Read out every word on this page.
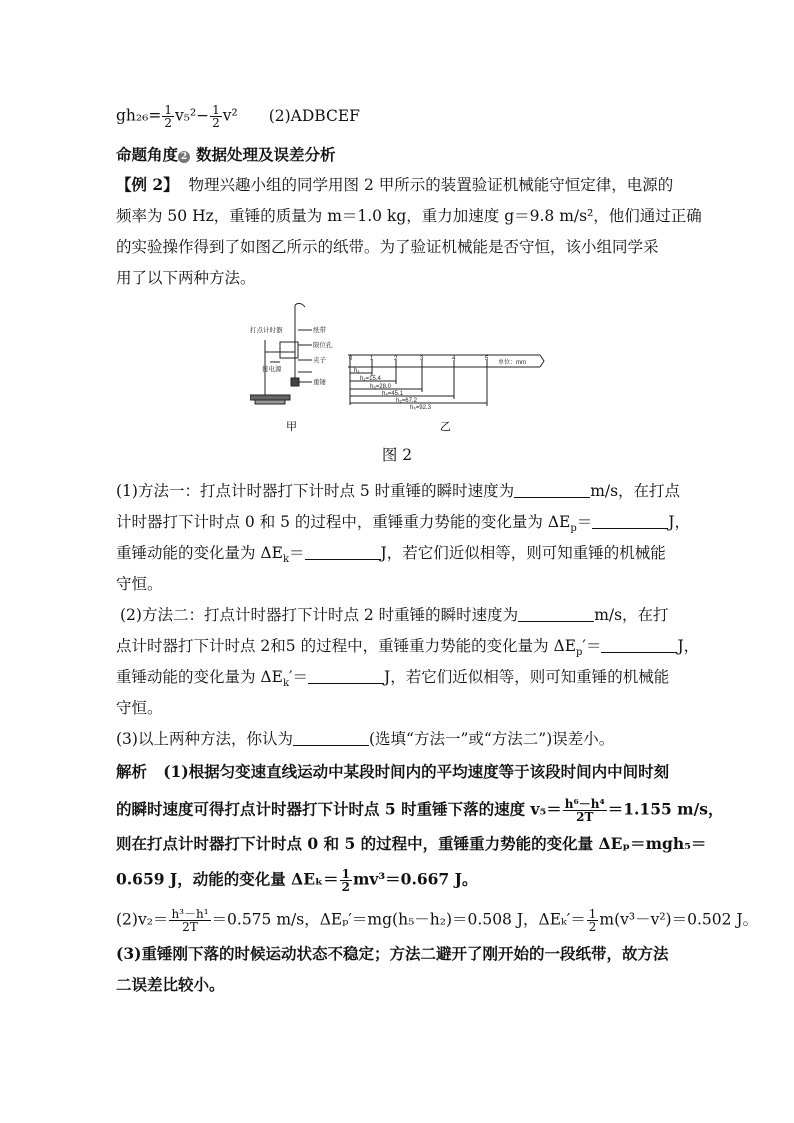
$gh_{26}= \frac{1}{2} v_5^2- \frac{1}{2} v^2$ (2)ADBCEF
命题角度 2 数据处理及误差分析
【例 2】 物理兴趣小组的同学用图 2 甲所示的装置验证机械能守恒定律，电源的
频率为 50 Hz，重锤的质量为 m＝1.0 kg，重力加速度 g＝9.8 m/s²，他们通过正确
的实验操作得到了如图乙所示的纸带。为了验证机械能是否守恒，该小组同学采
用了以下两种方法。
打点计时器	纸带
限位孔
夹子
接电源
重锤
甲
0	1	2	3	4	5
单位：mm
h₁
h₂=15.4
h₃=28.0
h₄=45.1
h₅=67.2
h₆=92.3
乙
图 2
(1)方法一：打点计时器打下计时点 5 时重锤的瞬时速度为	m/s，在打点
计时器打下计时点 0 和 5 的过程中，重锤重力势能的变化量为 $\Delta E_p=$	J，
重锤动能的变化量为 $\Delta E_k=$	J，若它们近似相等，则可知重锤的机械能
守恒。
(2)方法二：打点计时器打下计时点 2 时重锤的瞬时速度为	m/s，在打
点计时器打下计时点 2和5 的过程中，重锤重力势能的变化量为 $\Delta E_p'=$	J，
重锤动能的变化量为 $\Delta E_k'=$	J，若它们近似相等，则可知重锤的机械能
守恒。
(3)以上两种方法，你认为	(选填“方法一”或“方法二”)误差小。
解析 (1)根据匀变速直线运动中某段时间内的平均速度等于该段时间内中间时刻
的瞬时速度可得打点计时器打下计时点 5 时重锤下落的速度 $v_5= \frac{\text{h⁶－h⁴}}{2T} =1.155$ m/s，
则在打点计时器打下计时点 0 和 5 的过程中，重锤重力势能的变化量 ΔEₚ＝mgh₅＝
0.659 J，动能的变化量 $\Delta E_k= \frac{1}{2} mv^3=0.667$ J。
$(2)v_2= \frac{\text{h³－h¹}}{2T} =0.575$ m/s，ΔEₚ′＝mg(h₅－h₂)＝0.508 J，$\Delta E_k'= \frac{1}{2} m(v^3-v^2)=0.502$ J。
(3)重锤刚下落的时候运动状态不稳定；方法二避开了刚开始的一段纸带，故方法
二误差比较小。
